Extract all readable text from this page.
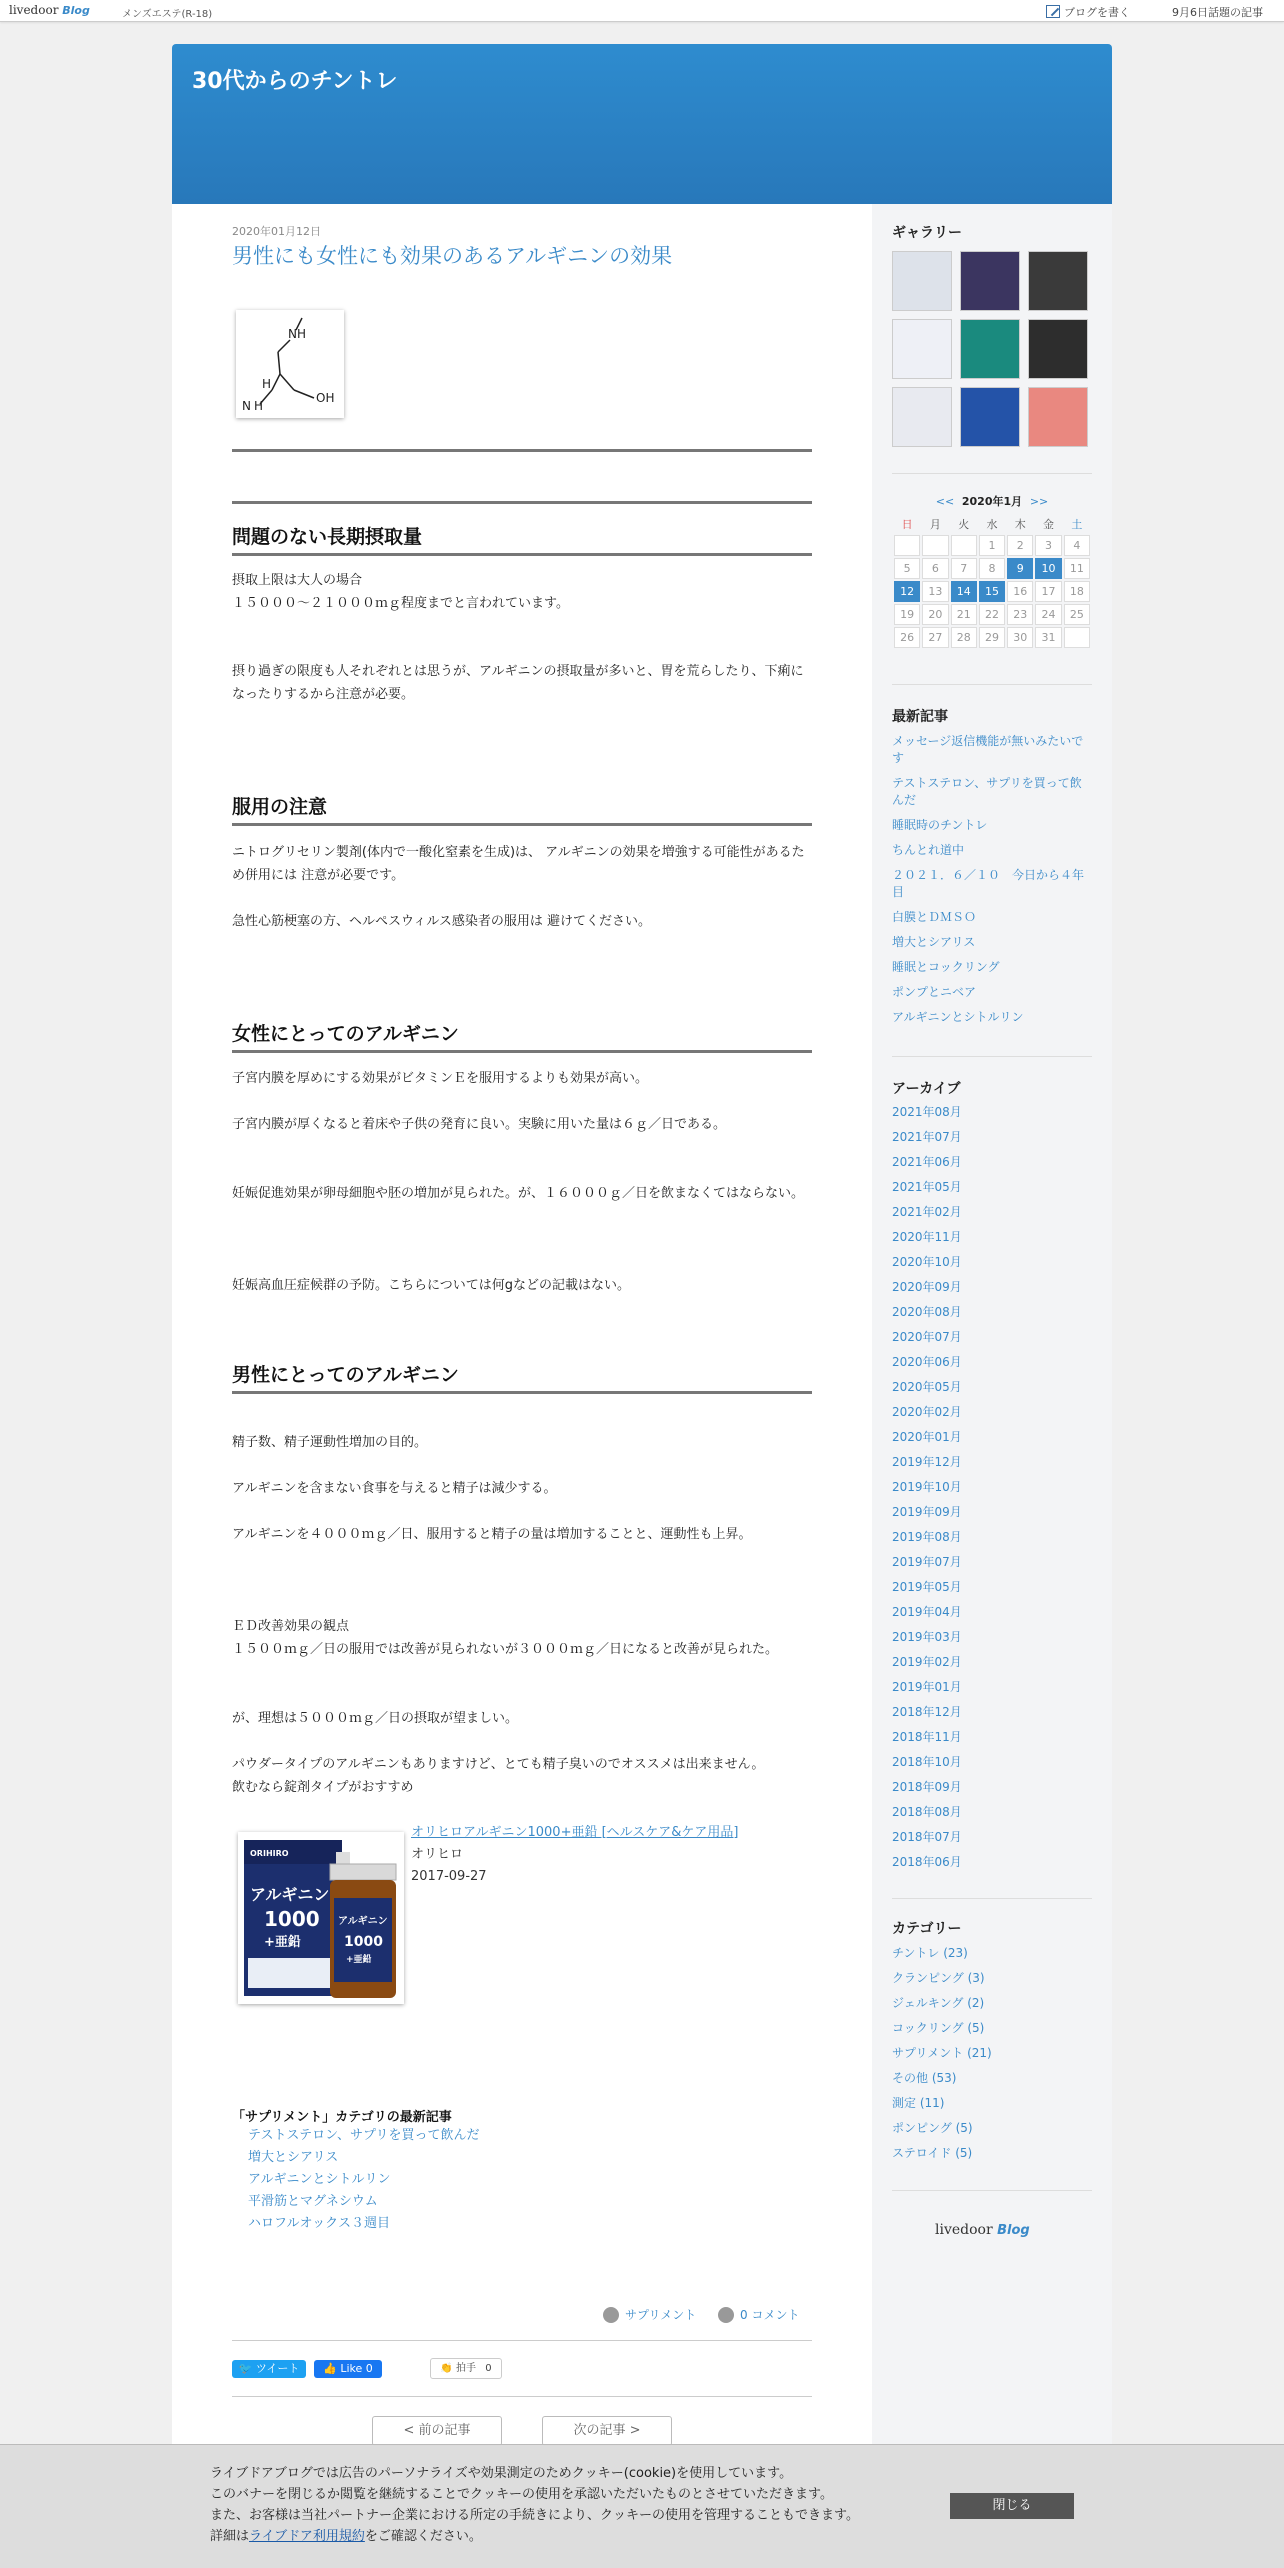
livedoor Blog	メンズエステ(R-18)	ブログを書く	9月6日話題の記事
30代からのチントレ
2020年01月12日
男性にも女性にも効果のあるアルギニンの効果
NH
H
N H
OH
問題のない長期摂取量
摂取上限は大人の場合
１５０００〜２１０００ｍｇ程度までと言われています。
摂り過ぎの限度も人それぞれとは思うが、アルギニンの摂取量が多いと、胃を荒らしたり、下痢になったりするから注意が必要。
服用の注意
ニトログリセリン製剤(体内で一酸化窒素を生成)は、 アルギニンの効果を増強する可能性があるため併用には 注意が必要です。
急性心筋梗塞の方、ヘルペスウィルス感染者の服用は 避けてください。
女性にとってのアルギニン
子宮内膜を厚めにする効果がビタミンＥを服用するよりも効果が高い。
子宮内膜が厚くなると着床や子供の発育に良い。実験に用いた量は６ｇ／日である。
妊娠促進効果が卵母細胞や胚の増加が見られた。が、１６０００ｇ／日を飲まなくてはならない。
妊娠高血圧症候群の予防。こちらについては何gなどの記載はない。
男性にとってのアルギニン
精子数、精子運動性増加の目的。
アルギニンを含まない食事を与えると精子は減少する。
アルギニンを４０００ｍｇ／日、服用すると精子の量は増加することと、運動性も上昇。
ＥＤ改善効果の観点
１５００ｍｇ／日の服用では改善が見られないが３０００ｍｇ／日になると改善が見られた。
が、理想は５０００ｍｇ／日の摂取が望ましい。
パウダータイプのアルギニンもありますけど、とても精子臭いのでオススメは出来ません。
飲むなら錠剤タイプがおすすめ
ORIHIRO
アルギニン
1000
+亜鉛
アルギニン
1000
+亜鉛
オリヒロアルギニン1000+亜鉛 [ヘルスケア&ケア用品]
オリヒロ
2017-09-27
「サプリメント」カテゴリの最新記事
テストステロン、サプリを買って飲んだ
増大とシアリス
アルギニンとシトルリン
平滑筋とマグネシウム
ハロフルオックス３週目
サプリメント	0 コメント
🐦 ツイート	👍 Like 0	👏 拍手 0
< 前の記事	次の記事 >
ギャラリー
<< 2020年1月 >>
日	月	火	水	木	金	土
			1	2	3	4
5	6	7	8	9	10	11
12	13	14	15	16	17	18
19	20	21	22	23	24	25
26	27	28	29	30	31	
最新記事
メッセージ返信機能が無いみたいです
テストステロン、サプリを買って飲んだ
睡眠時のチントレ
ちんとれ道中
２０２１．６／１０　今日から４年目
白膜とＤＭＳＯ
増大とシアリス
睡眠とコックリング
ポンプとニベア
アルギニンとシトルリン
アーカイブ
2021年08月
2021年07月
2021年06月
2021年05月
2021年02月
2020年11月
2020年10月
2020年09月
2020年08月
2020年07月
2020年06月
2020年05月
2020年02月
2020年01月
2019年12月
2019年10月
2019年09月
2019年08月
2019年07月
2019年05月
2019年04月
2019年03月
2019年02月
2019年01月
2018年12月
2018年11月
2018年10月
2018年09月
2018年08月
2018年07月
2018年06月
カテゴリー
チントレ (23)
クランピング (3)
ジェルキング (2)
コックリング (5)
サプリメント (21)
その他 (53)
測定 (11)
ポンピング (5)
ステロイド (5)
livedoor Blog
ライブドアブログでは広告のパーソナライズや効果測定のためクッキー(cookie)を使用しています。
このバナーを閉じるか閲覧を継続することでクッキーの使用を承認いただいたものとさせていただきます。
また、お客様は当社パートナー企業における所定の手続きにより、クッキーの使用を管理することもできます。
詳細はライブドア利用規約をご確認ください。
閉じる
